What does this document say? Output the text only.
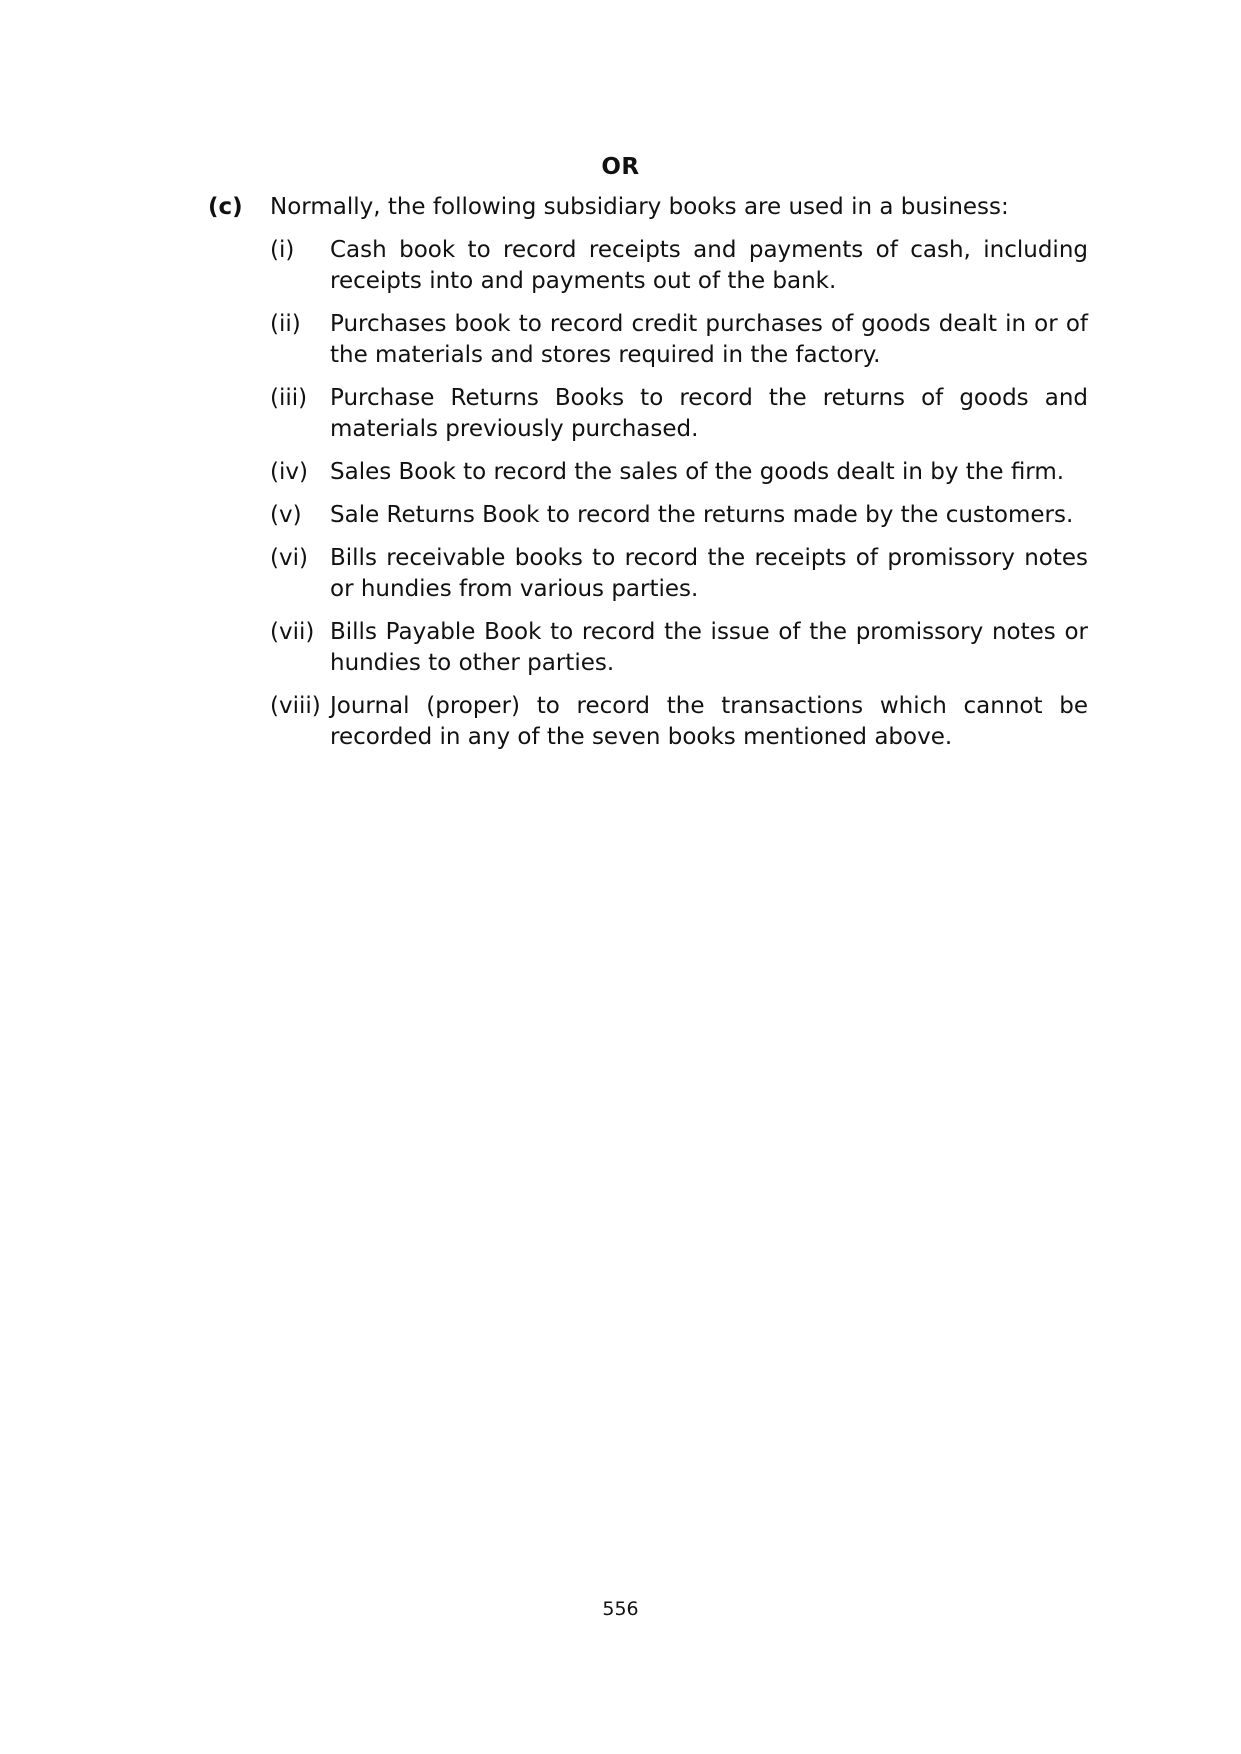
OR
(c)	Normally, the following subsidiary books are used in a business:
(i)	Cash book to record receipts and payments of cash, including receipts into and payments out of the bank.
(ii)	Purchases book to record credit purchases of goods dealt in or of the materials and stores required in the factory.
(iii) Purchase Returns Books to record the returns of goods and materials previously purchased.
(iv) Sales Book to record the sales of the goods dealt in by the firm.
(v)	Sale Returns Book to record the returns made by the customers.
(vi) Bills receivable books to record the receipts of promissory notes or hundies from various parties.
(vii) Bills Payable Book to record the issue of the promissory notes or hundies to other parties.
(viii) Journal (proper) to record the transactions which cannot be recorded in any of the seven books mentioned above.
556
